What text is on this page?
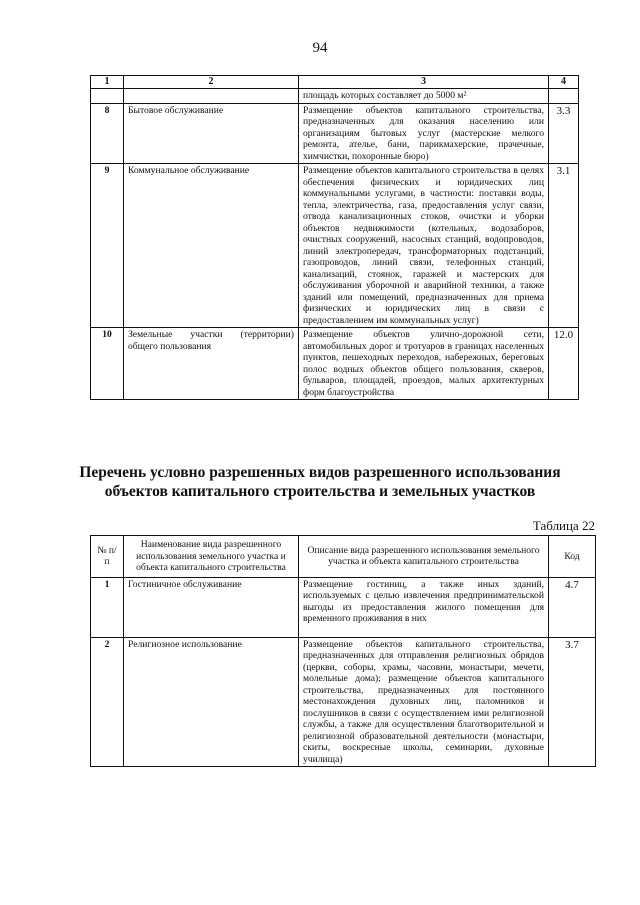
94
1	2	3	4
		площадь которых составляет до 5000 м²	
8	Бытовое обслуживание	Размещение объектов капитального строительства, предназначенных для оказания населению или организациям бытовых услуг (мастерские мелкого ремонта, ателье, бани, парикмахерские, прачечные, химчистки, похоронные бюро)	3.3
9	Коммунальное обслуживание	Размещение объектов капитального строительства в целях обеспечения физических и юридических лиц коммунальными услугами, в частности: поставки воды, тепла, электричества, газа, предоставления услуг связи, отвода канализационных стоков, очистки и уборки объектов недвижимости (котельных, водозаборов, очистных сооружений, насосных станций, водопроводов, линий электропередач, трансформаторных подстанций, газопроводов, линий связи, телефонных станций, канализаций, стоянок, гаражей и мастерских для обслуживания уборочной и аварийной техники, а также зданий или помещений, предназначенных для приема физических и юридических лиц в связи с предоставлением им коммунальных услуг)	3.1
10	Земельные участки (территории) общего пользования	Размещение объектов улично-дорожной сети, автомобильных дорог и тротуаров в границах населенных пунктов, пешеходных переходов, набережных, береговых полос водных объектов общего пользования, скверов, бульваров, площадей, проездов, малых архитектурных форм благоустройства	12.0
Перечень условно разрешенных видов разрешенного использования объектов капитального строительства и земельных участков
Таблица 22
№ п/п	Наименование вида разрешенного использования земельного участка и объекта капитального строительства	Описание вида разрешенного использования земельного участка и объекта капитального строительства	Код
1	Гостиничное обслуживание	Размещение гостиниц, а также иных зданий, используемых с целью извлечения предпринимательской выгоды из предоставления жилого помещения для временного проживания в них	4.7
2	Религиозное использование	Размещение объектов капитального строительства, предназначенных для отправления религиозных обрядов (церкви, соборы, храмы, часовни, монастыри, мечети, молельные дома); размещение объектов капитального строительства, предназначенных для постоянного местонахождения духовных лиц, паломников и послушников в связи с осуществлением ими религиозной службы, а также для осуществления благотворительной и религиозной образовательной деятельности (монастыри, скиты, воскресные школы, семинарии, духовные училища)	3.7
